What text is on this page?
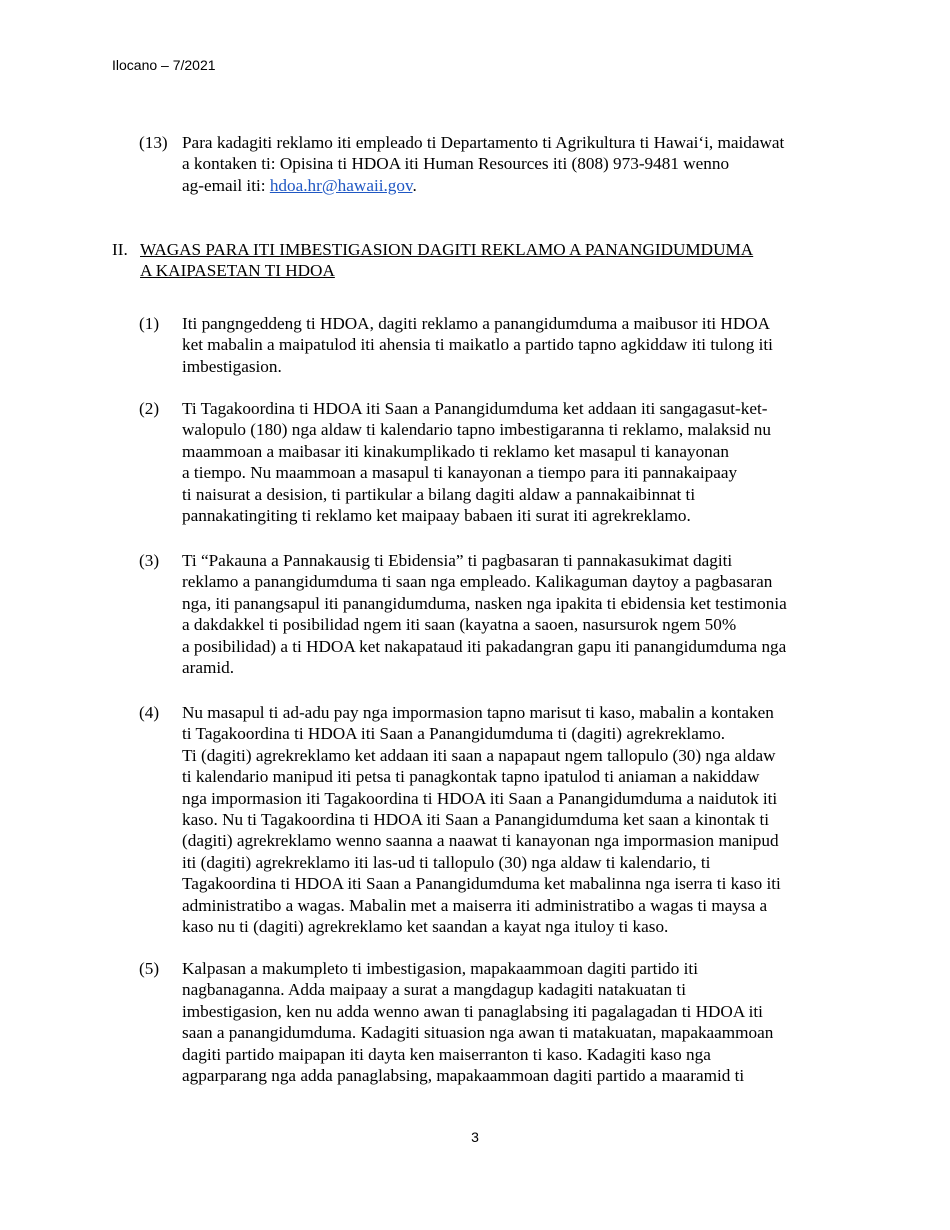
Ilocano – 7/2021
(13) Para kadagiti reklamo iti empleado ti Departamento ti Agrikultura ti Hawai‘i, maidawat
a kontaken ti: Opisina ti HDOA iti Human Resources iti (808) 973-9481 wenno
ag-email iti: hdoa.hr@hawaii.gov.
II. WAGAS PARA ITI IMBESTIGASION DAGITI REKLAMO A PANANGIDUMDUMA
A KAIPASETAN TI HDOA
(1) Iti pangngeddeng ti HDOA, dagiti reklamo a panangidumduma a maibusor iti HDOA
ket mabalin a maipatulod iti ahensia ti maikatlo a partido tapno agkiddaw iti tulong iti
imbestigasion.
(2) Ti Tagakoordina ti HDOA iti Saan a Panangidumduma ket addaan iti sangagasut-ket-
walopulo (180) nga aldaw ti kalendario tapno imbestigaranna ti reklamo, malaksid nu
maammoan a maibasar iti kinakumplikado ti reklamo ket masapul ti kanayonan
a tiempo. Nu maammoan a masapul ti kanayonan a tiempo para iti pannakaipaay
ti naisurat a desision, ti partikular a bilang dagiti aldaw a pannakaibinnat ti
pannakatingiting ti reklamo ket maipaay babaen iti surat iti agrekreklamo.
(3) Ti “Pakauna a Pannakausig ti Ebidensia” ti pagbasaran ti pannakasukimat dagiti
reklamo a panangidumduma ti saan nga empleado. Kalikaguman daytoy a pagbasaran
nga, iti panangsapul iti panangidumduma, nasken nga ipakita ti ebidensia ket testimonia
a dakdakkel ti posibilidad ngem iti saan (kayatna a saoen, nasursurok ngem 50%
a posibilidad) a ti HDOA ket nakapataud iti pakadangran gapu iti panangidumduma nga
aramid.
(4) Nu masapul ti ad-adu pay nga impormasion tapno marisut ti kaso, mabalin a kontaken
ti Tagakoordina ti HDOA iti Saan a Panangidumduma ti (dagiti) agrekreklamo.
Ti (dagiti) agrekreklamo ket addaan iti saan a napapaut ngem tallopulo (30) nga aldaw
ti kalendario manipud iti petsa ti panagkontak tapno ipatulod ti aniaman a nakiddaw
nga impormasion iti Tagakoordina ti HDOA iti Saan a Panangidumduma a naidutok iti
kaso. Nu ti Tagakoordina ti HDOA iti Saan a Panangidumduma ket saan a kinontak ti
(dagiti) agrekreklamo wenno saanna a naawat ti kanayonan nga impormasion manipud
iti (dagiti) agrekreklamo iti las-ud ti tallopulo (30) nga aldaw ti kalendario, ti
Tagakoordina ti HDOA iti Saan a Panangidumduma ket mabalinna nga iserra ti kaso iti
administratibo a wagas. Mabalin met a maiserra iti administratibo a wagas ti maysa a
kaso nu ti (dagiti) agrekreklamo ket saandan a kayat nga ituloy ti kaso.
(5) Kalpasan a makumpleto ti imbestigasion, mapakaammoan dagiti partido iti
nagbanaganna. Adda maipaay a surat a mangdagup kadagiti natakuatan ti
imbestigasion, ken nu adda wenno awan ti panaglabsing iti pagalagadan ti HDOA iti
saan a panangidumduma. Kadagiti situasion nga awan ti matakuatan, mapakaammoan
dagiti partido maipapan iti dayta ken maiserranton ti kaso. Kadagiti kaso nga
agparparang nga adda panaglabsing, mapakaammoan dagiti partido a maaramid ti
3
